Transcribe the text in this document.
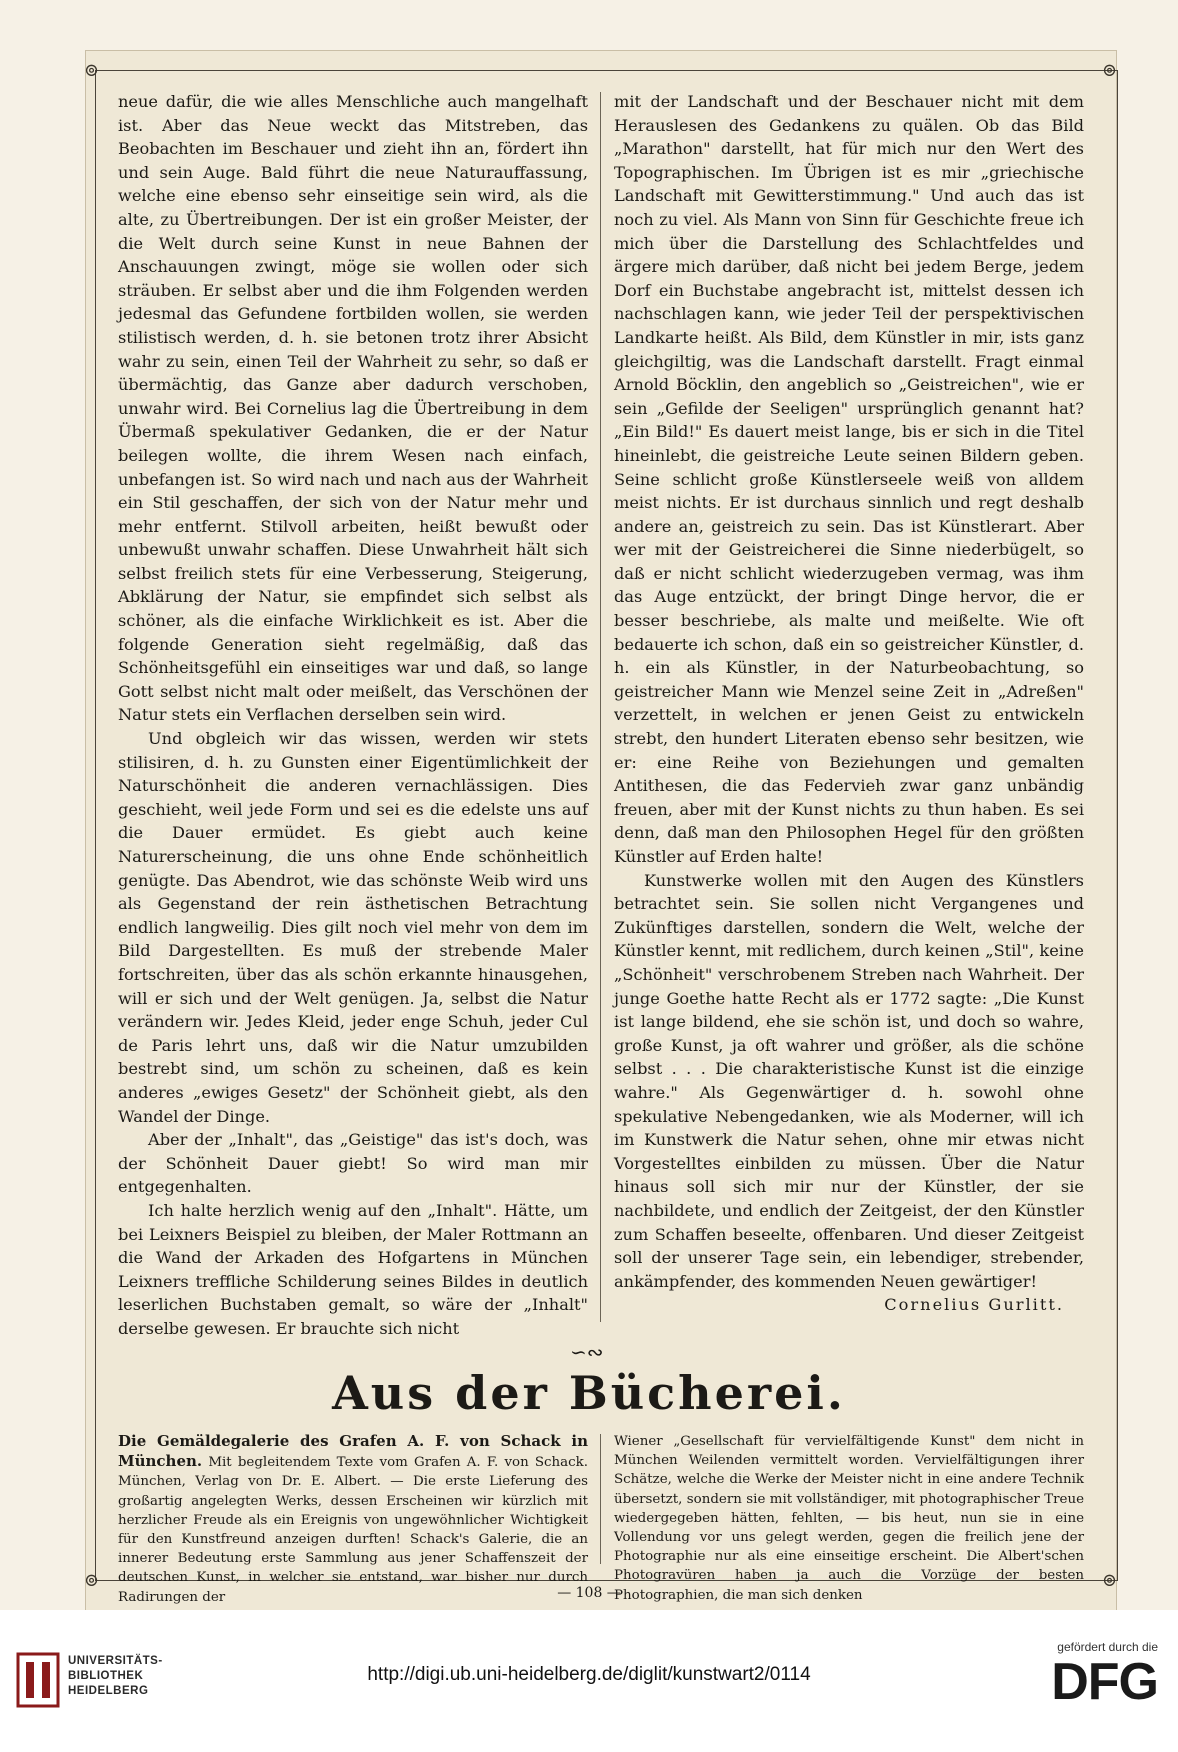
⊚	⊚
⊚	⊚

neue dafür, die wie alles Menschliche auch mangelhaft ist. Aber das Neue weckt das Mitstreben, das Beobachten im Beschauer und zieht ihn an, fördert ihn und sein Auge. Bald führt die neue Naturauffassung, welche eine ebenso sehr einseitige sein wird, als die alte, zu Übertreibungen. Der ist ein großer Meister, der die Welt durch seine Kunst in neue Bahnen der Anschauungen zwingt, möge sie wollen oder sich sträuben. Er selbst aber und die ihm Folgenden werden jedesmal das Gefundene fortbilden wollen, sie werden stilistisch werden, d. h. sie betonen trotz ihrer Absicht wahr zu sein, einen Teil der Wahrheit zu sehr, so daß er übermächtig, das Ganze aber dadurch verschoben, unwahr wird. Bei Cornelius lag die Übertreibung in dem Übermaß spekulativer Gedanken, die er der Natur beilegen wollte, die ihrem Wesen nach einfach, unbefangen ist. So wird nach und nach aus der Wahrheit ein Stil geschaffen, der sich von der Natur mehr und mehr entfernt. Stilvoll arbeiten, heißt bewußt oder unbewußt unwahr schaffen. Diese Unwahrheit hält sich selbst freilich stets für eine Verbesserung, Steigerung, Abklärung der Natur, sie empfindet sich selbst als schöner, als die einfache Wirklichkeit es ist. Aber die folgende Generation sieht regelmäßig, daß das Schönheitsgefühl ein einseitiges war und daß, so lange Gott selbst nicht malt oder meißelt, das Verschönen der Natur stets ein Verflachen derselben sein wird.

Und obgleich wir das wissen, werden wir stets stilisiren, d. h. zu Gunsten einer Eigentümlichkeit der Naturschönheit die anderen vernachlässigen. Dies geschieht, weil jede Form und sei es die edelste uns auf die Dauer ermüdet. Es giebt auch keine Naturerscheinung, die uns ohne Ende schönheitlich genügte. Das Abendrot, wie das schönste Weib wird uns als Gegenstand der rein ästhetischen Betrachtung endlich langweilig. Dies gilt noch viel mehr von dem im Bild Dargestellten. Es muß der strebende Maler fortschreiten, über das als schön erkannte hinausgehen, will er sich und der Welt genügen. Ja, selbst die Natur verändern wir. Jedes Kleid, jeder enge Schuh, jeder Cul de Paris lehrt uns, daß wir die Natur umzubilden bestrebt sind, um schön zu scheinen, daß es kein anderes „ewiges Gesetz" der Schönheit giebt, als den Wandel der Dinge.

Aber der „Inhalt", das „Geistige" das ist's doch, was der Schönheit Dauer giebt! So wird man mir entgegenhalten.

Ich halte herzlich wenig auf den „Inhalt". Hätte, um bei Leixners Beispiel zu bleiben, der Maler Rottmann an die Wand der Arkaden des Hofgartens in München Leixners treffliche Schilderung seines Bildes in deutlich leserlichen Buchstaben gemalt, so wäre der „Inhalt" derselbe gewesen. Er brauchte sich nicht

mit der Landschaft und der Beschauer nicht mit dem Herauslesen des Gedankens zu quälen. Ob das Bild „Marathon" darstellt, hat für mich nur den Wert des Topographischen. Im Übrigen ist es mir „griechische Landschaft mit Gewitterstimmung." Und auch das ist noch zu viel. Als Mann von Sinn für Geschichte freue ich mich über die Darstellung des Schlachtfeldes und ärgere mich darüber, daß nicht bei jedem Berge, jedem Dorf ein Buchstabe angebracht ist, mittelst dessen ich nachschlagen kann, wie jeder Teil der perspektivischen Landkarte heißt. Als Bild, dem Künstler in mir, ists ganz gleichgiltig, was die Landschaft darstellt. Fragt einmal Arnold Böcklin, den angeblich so „Geistreichen", wie er sein „Gefilde der Seeligen" ursprünglich genannt hat? „Ein Bild!" Es dauert meist lange, bis er sich in die Titel hineinlebt, die geistreiche Leute seinen Bildern geben. Seine schlicht große Künstlerseele weiß von alldem meist nichts. Er ist durchaus sinnlich und regt deshalb andere an, geistreich zu sein. Das ist Künstlerart. Aber wer mit der Geistreicherei die Sinne niederbügelt, so daß er nicht schlicht wiederzugeben vermag, was ihm das Auge entzückt, der bringt Dinge hervor, die er besser beschriebe, als malte und meißelte. Wie oft bedauerte ich schon, daß ein so geistreicher Künstler, d. h. ein als Künstler, in der Naturbeobachtung, so geistreicher Mann wie Menzel seine Zeit in „Adreßen" verzettelt, in welchen er jenen Geist zu entwickeln strebt, den hundert Literaten ebenso sehr besitzen, wie er: eine Reihe von Beziehungen und gemalten Antithesen, die das Federvieh zwar ganz unbändig freuen, aber mit der Kunst nichts zu thun haben. Es sei denn, daß man den Philosophen Hegel für den größten Künstler auf Erden halte!

Kunstwerke wollen mit den Augen des Künstlers betrachtet sein. Sie sollen nicht Vergangenes und Zukünftiges darstellen, sondern die Welt, welche der Künstler kennt, mit redlichem, durch keinen „Stil", keine „Schönheit" verschrobenem Streben nach Wahrheit. Der junge Goethe hatte Recht als er 1772 sagte: „Die Kunst ist lange bildend, ehe sie schön ist, und doch so wahre, große Kunst, ja oft wahrer und größer, als die schöne selbst . . . Die charakteristische Kunst ist die einzige wahre." Als Gegenwärtiger d. h. sowohl ohne spekulative Nebengedanken, wie als Moderner, will ich im Kunstwerk die Natur sehen, ohne mir etwas nicht Vorgestelltes einbilden zu müssen. Über die Natur hinaus soll sich mir nur der Künstler, der sie nachbildete, und endlich der Zeitgeist, der den Künstler zum Schaffen beseelte, offenbaren. Und dieser Zeitgeist soll der unserer Tage sein, ein lebendiger, strebender, ankämpfender, des kommenden Neuen gewärtiger!

Cornelius Gurlitt.

∽∾
Aus der Bücherei.
Die Gemäldegalerie des Grafen A. F. von Schack in München. Mit begleitendem Texte vom Grafen A. F. von Schack. München, Verlag von Dr. E. Albert. — Die erste Lieferung des großartig angelegten Werks, dessen Erscheinen wir kürzlich mit herzlicher Freude als ein Ereignis von ungewöhnlicher Wichtigkeit für den Kunstfreund anzeigen durften! Schack's Galerie, die an innerer Bedeutung erste Sammlung aus jener Schaffenszeit der deutschen Kunst, in welcher sie entstand, war bisher nur durch Radirungen der
Wiener „Gesellschaft für vervielfältigende Kunst" dem nicht in München Weilenden vermittelt worden. Vervielfältigungen ihrer Schätze, welche die Werke der Meister nicht in eine andere Technik übersetzt, sondern sie mit vollständiger, mit photographischer Treue wiedergegeben hätten, fehlten, — bis heut, nun sie in eine Vollendung vor uns gelegt werden, gegen die freilich jene der Photographie nur als eine einseitige erscheint. Die Albert'schen Photogravüren haben ja auch die Vorzüge der besten Photographien, die man sich denken
— 108 —
UNIVERSITÄTS-
BIBLIOTHEK
HEIDELBERG
http://digi.ub.uni-heidelberg.de/diglit/kunstwart2/0114
gefördert durch die
DFG
